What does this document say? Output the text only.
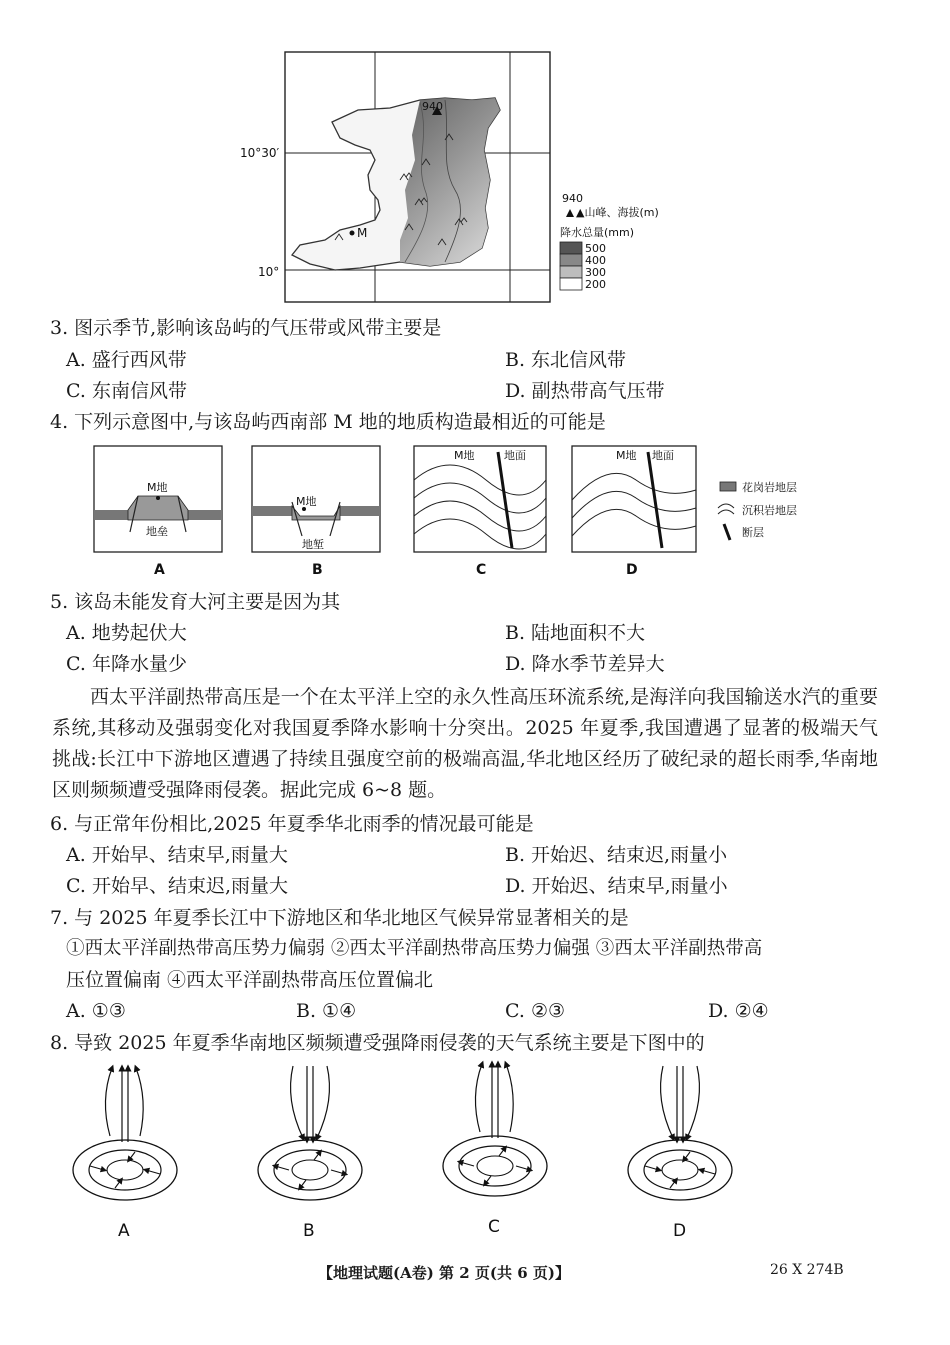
940
M
10°30′
10°
940
▲山峰、海拔(m)
降水总量(mm)
500
400
300
200
3. 图示季节,影响该岛屿的气压带或风带主要是
A. 盛行西风带	B. 东北信风带
C. 东南信风带	D. 副热带高气压带
4. 下列示意图中,与该岛屿西南部 M 地的地质构造最相近的可能是
M地
地垒
A
M地
地堑
B
M地	地面
C
M地 地面
D
花岗岩地层
沉积岩地层
断层
5. 该岛未能发育大河主要是因为其
A. 地势起伏大	B. 陆地面积不大
C. 年降水量少	D. 降水季节差异大

西太平洋副热带高压是一个在太平洋上空的永久性高压环流系统,是海洋向我国输送水汽的重要系统,其移动及强弱变化对我国夏季降水影响十分突出。2025 年夏季,我国遭遇了显著的极端天气挑战:长江中下游地区遭遇了持续且强度空前的极端高温,华北地区经历了破纪录的超长雨季,华南地区则频频遭受强降雨侵袭。据此完成 6~8 题。

6. 与正常年份相比,2025 年夏季华北雨季的情况最可能是
A. 开始早、结束早,雨量大	B. 开始迟、结束迟,雨量小
C. 开始早、结束迟,雨量大	D. 开始迟、结束早,雨量小
7. 与 2025 年夏季长江中下游地区和华北地区气候异常显著相关的是
①西太平洋副热带高压势力偏弱 ②西太平洋副热带高压势力偏强 ③西太平洋副热带高
压位置偏南 ④西太平洋副热带高压位置偏北
A. ①③	B. ①④	C. ②③	D. ②④
8. 导致 2025 年夏季华南地区频频遭受强降雨侵袭的天气系统主要是下图中的
A	B	C	D
【地理试题(A卷) 第 2 页(共 6 页)】	26 X 274B
